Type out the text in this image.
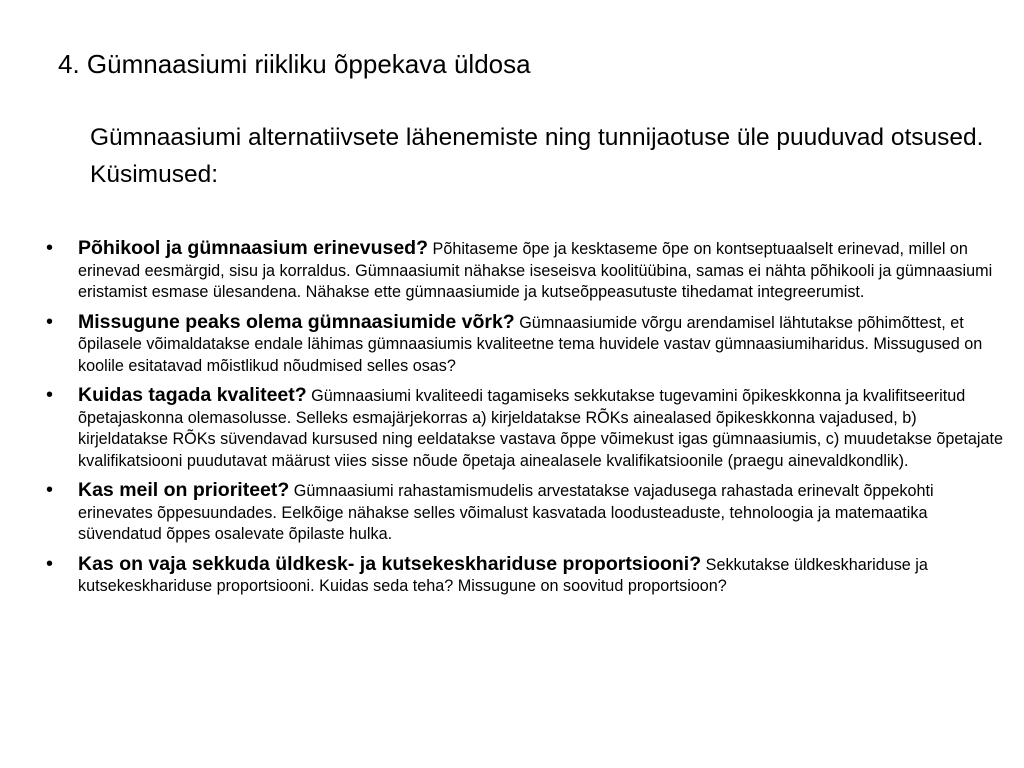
4. Gümnaasiumi riikliku õppekava üldosa

Gümnaasiumi alternatiivsete lähenemiste ning tunnijaotuse üle puuduvad otsused.

Küsimused:

• Põhikool ja gümnaasium erinevused? Põhitaseme õpe ja kesktaseme õpe on kontseptuaalselt erinevad, millel on erinevad eesmärgid, sisu ja korraldus. Gümnaasiumit nähakse iseseisva koolitüübina, samas ei nähta põhikooli ja gümnaasiumi eristamist esmase ülesandena. Nähakse ette gümnaasiumide ja kutseõppeasutuste tihedamat integreerumist.
• Missugune peaks olema gümnaasiumide võrk? Gümnaasiumide võrgu arendamisel lähtutakse põhimõttest, et õpilasele võimaldatakse endale lähimas gümnaasiumis kvaliteetne tema huvidele vastav gümnaasiumiharidus. Missugused on koolile esitatavad mõistlikud nõudmised selles osas?
• Kuidas tagada kvaliteet? Gümnaasiumi kvaliteedi tagamiseks sekkutakse tugevamini õpikeskkonna ja kvalifitseeritud õpetajaskonna olemasolusse. Selleks esmajärjekorras a) kirjeldatakse RÕKs ainealased õpikeskkonna vajadused, b) kirjeldatakse RÕKs süvendavad kursused ning eeldatakse vastava õppe võimekust igas gümnaasiumis, c) muudetakse õpetajate kvalifikatsiooni puudutavat määrust viies sisse nõude õpetaja ainealasele kvalifikatsioonile (praegu ainevaldkondlik).
• Kas meil on prioriteet? Gümnaasiumi rahastamismudelis arvestatakse vajadusega rahastada erinevalt õppekohti erinevates õppesuundades. Eelkõige nähakse selles võimalust kasvatada loodusteaduste, tehnoloogia ja matemaatika süvendatud õppes osalevate õpilaste hulka.
• Kas on vaja sekkuda üldkesk- ja kutsekeskhariduse proportsiooni? Sekkutakse üldkeskhariduse ja kutsekeskhariduse proportsiooni. Kuidas seda teha? Missugune on soovitud proportsioon?
